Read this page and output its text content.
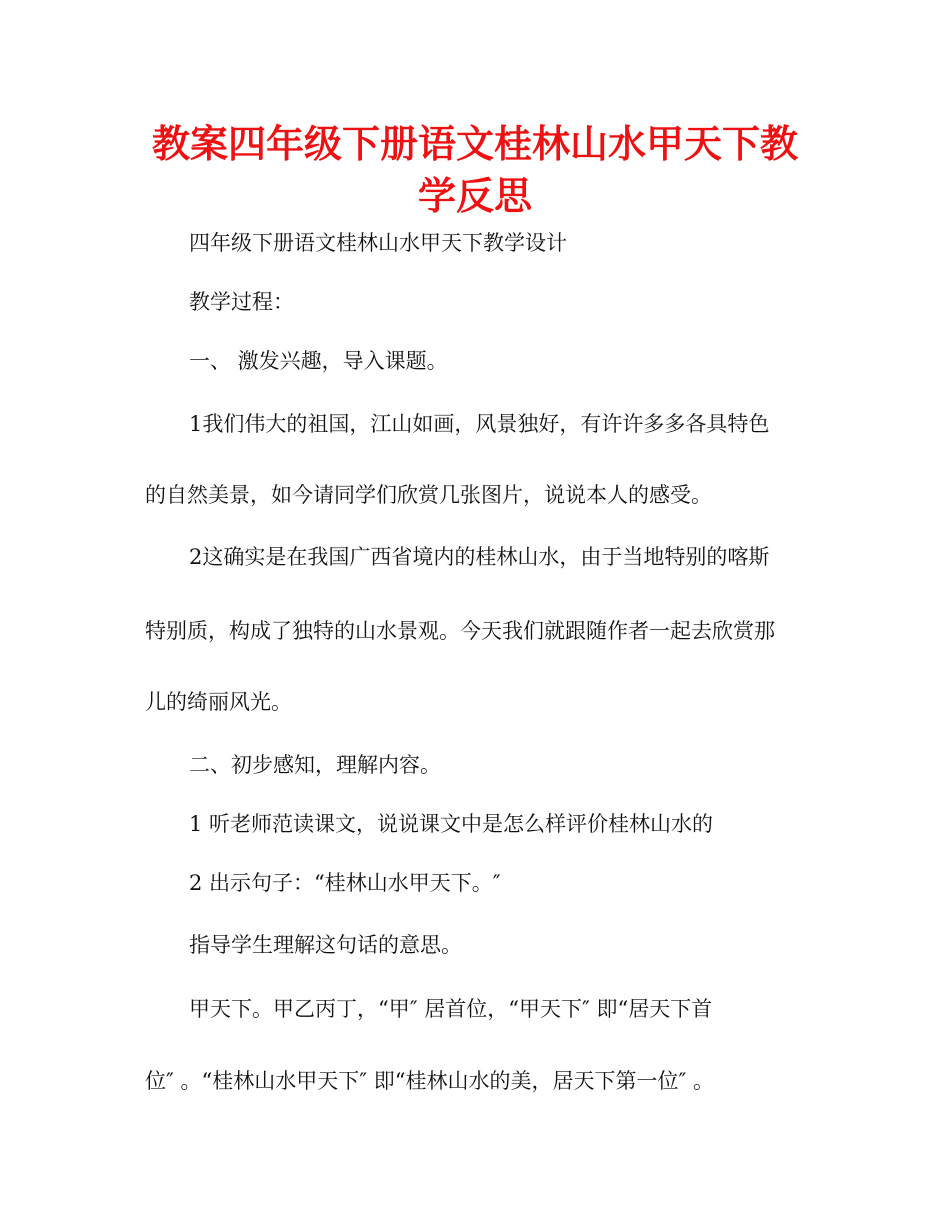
教案四年级下册语文桂林山水甲天下教学反思

四年级下册语文桂林山水甲天下教学设计

教学过程：

一、 激发兴趣，导入课题。

1我们伟大的祖国，江山如画，风景独好，有许许多多各具特色

的自然美景，如今请同学们欣赏几张图片，说说本人的感受。

2这确实是在我国广西省境内的桂林山水，由于当地特别的喀斯

特别质，构成了独特的山水景观。今天我们就跟随作者一起去欣赏那

儿的绮丽风光。

二、初步感知，理解内容。

1 听老师范读课文，说说课文中是怎么样评价桂林山水的

2 出示句子：“桂林山水甲天下。″

指导学生理解这句话的意思。

甲天下。甲乙丙丁，“甲″ 居首位，“甲天下″ 即“居天下首

位″ 。“桂林山水甲天下″ 即“桂林山水的美，居天下第一位″ 。
